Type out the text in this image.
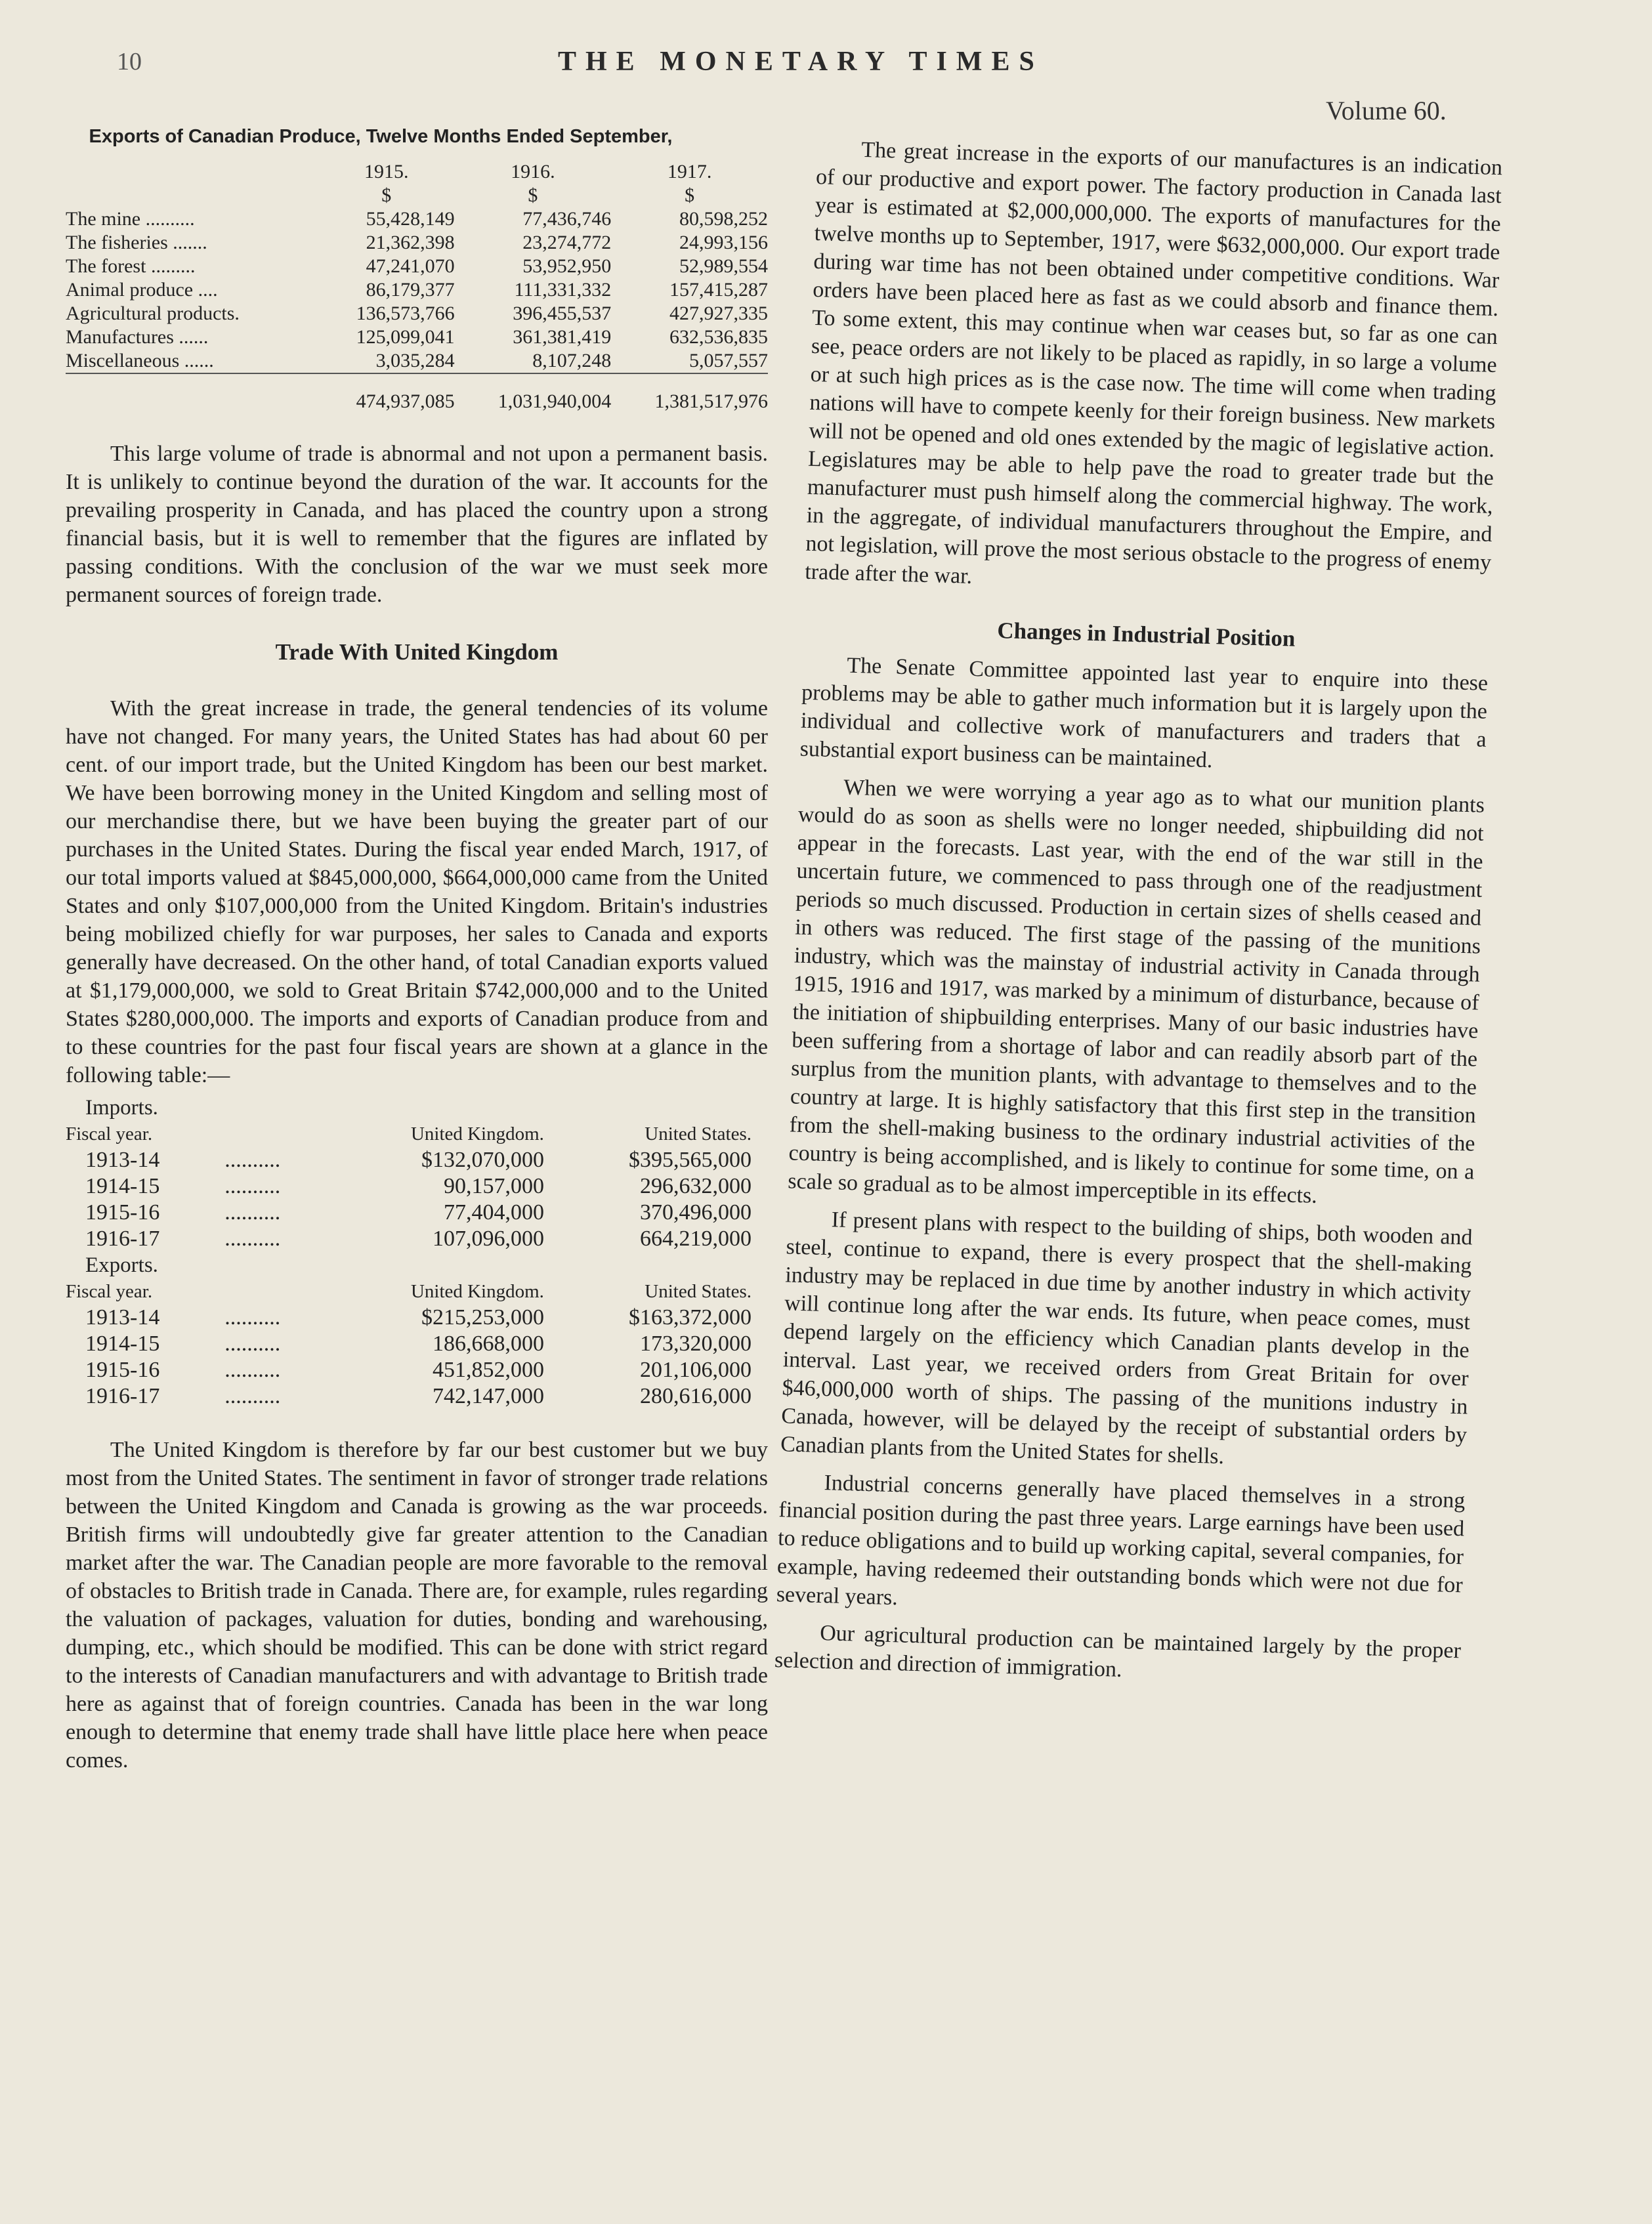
10	THE MONETARY TIMES
Volume 60.
Exports of Canadian Produce, Twelve Months Ended September,
	1915.	1916.	1917.
	$	$	$
The mine ..........	55,428,149	77,436,746	80,598,252
The fisheries .......	21,362,398	23,274,772	24,993,156
The forest .........	47,241,070	53,952,950	52,989,554
Animal produce ....	86,179,377	111,331,332	157,415,287
Agricultural products.	136,573,766	396,455,537	427,927,335
Manufactures ......	125,099,041	361,381,419	632,536,835
Miscellaneous ......	3,035,284	8,107,248	5,057,557
	474,937,085	1,031,940,004	1,381,517,976

This large volume of trade is abnormal and not upon a permanent basis. It is unlikely to continue beyond the duration of the war. It accounts for the prevailing prosperity in Canada, and has placed the country upon a strong financial basis, but it is well to remember that the figures are inflated by passing conditions. With the conclusion of the war we must seek more permanent sources of foreign trade.

Trade With United Kingdom

With the great increase in trade, the general tendencies of its volume have not changed. For many years, the United States has had about 60 per cent. of our import trade, but the United Kingdom has been our best market. We have been borrowing money in the United Kingdom and selling most of our merchandise there, but we have been buying the greater part of our purchases in the United States. During the fiscal year ended March, 1917, of our total imports valued at $845,000,000, $664,000,000 came from the United States and only $107,000,000 from the United Kingdom. Britain's industries being mobilized chiefly for war purposes, her sales to Canada and exports generally have decreased. On the other hand, of total Canadian exports valued at $1,179,000,000, we sold to Great Britain $742,000,000 and to the United States $280,000,000. The imports and exports of Canadian produce from and to these countries for the past four fiscal years are shown at a glance in the following table:—

Imports.			
Fiscal year.		United Kingdom.	United States.
1913-14	..........	$132,070,000	$395,565,000
1914-15	..........	90,157,000	296,632,000
1915-16	..........	77,404,000	370,496,000
1916-17	..........	107,096,000	664,219,000
Exports.			
Fiscal year.		United Kingdom.	United States.
1913-14	..........	$215,253,000	$163,372,000
1914-15	..........	186,668,000	173,320,000
1915-16	..........	451,852,000	201,106,000
1916-17	..........	742,147,000	280,616,000

The United Kingdom is therefore by far our best customer but we buy most from the United States. The sentiment in favor of stronger trade relations between the United Kingdom and Canada is growing as the war proceeds. British firms will undoubtedly give far greater attention to the Canadian market after the war. The Canadian people are more favorable to the removal of obstacles to British trade in Canada. There are, for example, rules regarding the valuation of packages, valuation for duties, bonding and warehousing, dumping, etc., which should be modified. This can be done with strict regard to the interests of Canadian manufacturers and with advantage to British trade here as against that of foreign countries. Canada has been in the war long enough to determine that enemy trade shall have little place here when peace comes.

The great increase in the exports of our manufactures is an indication of our productive and export power. The factory production in Canada last year is estimated at $2,000,000,000. The exports of manufactures for the twelve months up to September, 1917, were $632,000,000. Our export trade during war time has not been obtained under competitive conditions. War orders have been placed here as fast as we could absorb and finance them. To some extent, this may continue when war ceases but, so far as one can see, peace orders are not likely to be placed as rapidly, in so large a volume or at such high prices as is the case now. The time will come when trading nations will have to compete keenly for their foreign business. New markets will not be opened and old ones extended by the magic of legislative action. Legislatures may be able to help pave the road to greater trade but the manufacturer must push himself along the commercial highway. The work, in the aggregate, of individual manufacturers throughout the Empire, and not legislation, will prove the most serious obstacle to the progress of enemy trade after the war.

Changes in Industrial Position

The Senate Committee appointed last year to enquire into these problems may be able to gather much information but it is largely upon the individual and collective work of manufacturers and traders that a substantial export business can be maintained.

When we were worrying a year ago as to what our munition plants would do as soon as shells were no longer needed, shipbuilding did not appear in the forecasts. Last year, with the end of the war still in the uncertain future, we commenced to pass through one of the readjustment periods so much discussed. Production in certain sizes of shells ceased and in others was reduced. The first stage of the passing of the munitions industry, which was the mainstay of industrial activity in Canada through 1915, 1916 and 1917, was marked by a minimum of disturbance, because of the initiation of shipbuilding enterprises. Many of our basic industries have been suffering from a shortage of labor and can readily absorb part of the surplus from the munition plants, with advantage to themselves and to the country at large. It is highly satisfactory that this first step in the transition from the shell-making business to the ordinary industrial activities of the country is being accomplished, and is likely to continue for some time, on a scale so gradual as to be almost imperceptible in its effects.

If present plans with respect to the building of ships, both wooden and steel, continue to expand, there is every prospect that the shell-making industry may be replaced in due time by another industry in which activity will continue long after the war ends. Its future, when peace comes, must depend largely on the efficiency which Canadian plants develop in the interval. Last year, we received orders from Great Britain for over $46,000,000 worth of ships. The passing of the munitions industry in Canada, however, will be delayed by the receipt of substantial orders by Canadian plants from the United States for shells.

Industrial concerns generally have placed themselves in a strong financial position during the past three years. Large earnings have been used to reduce obligations and to build up working capital, several companies, for example, having redeemed their outstanding bonds which were not due for several years.

Our agricultural production can be maintained largely by the proper selection and direction of immigration.
